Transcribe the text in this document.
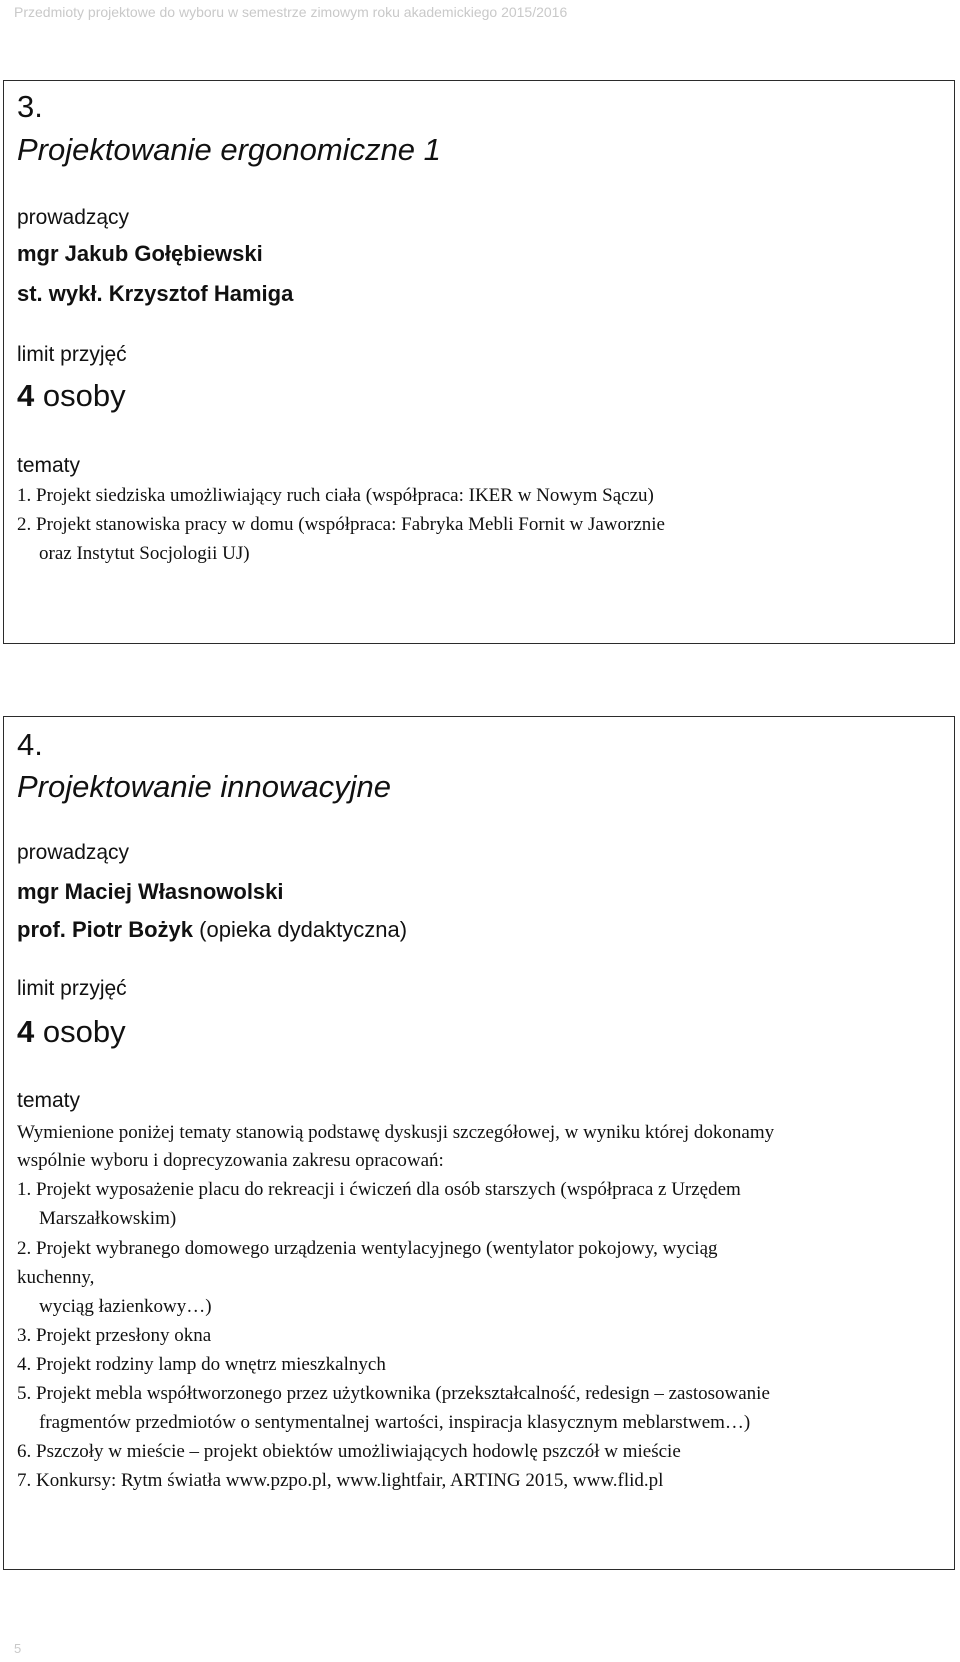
Przedmioty projektowe do wyboru w semestrze zimowym roku akademickiego 2015/2016
3.
Projektowanie ergonomiczne 1
prowadzący
mgr Jakub Gołębiewski
st. wykł. Krzysztof Hamiga
limit przyjęć
4 osoby
tematy
1. Projekt siedziska umożliwiający ruch ciała (współpraca: IKER w Nowym Sączu)
2. Projekt stanowiska pracy w domu (współpraca: Fabryka Mebli Fornit w Jaworznie
oraz Instytut Socjologii UJ)
4.
Projektowanie innowacyjne
prowadzący
mgr Maciej Własnowolski
prof. Piotr Bożyk (opieka dydaktyczna)
limit przyjęć
4 osoby
tematy
Wymienione poniżej tematy stanowią podstawę dyskusji szczegółowej, w wyniku której dokonamy
wspólnie wyboru i doprecyzowania zakresu opracowań:
1. Projekt wyposażenie placu do rekreacji i ćwiczeń dla osób starszych (współpraca z Urzędem
Marszałkowskim)
2. Projekt wybranego domowego urządzenia wentylacyjnego (wentylator pokojowy, wyciąg
kuchenny,
wyciąg łazienkowy…)
3. Projekt przesłony okna
4. Projekt rodziny lamp do wnętrz mieszkalnych
5. Projekt mebla współtworzonego przez użytkownika (przekształcalność, redesign – zastosowanie
fragmentów przedmiotów o sentymentalnej wartości, inspiracja klasycznym meblarstwem…)
6. Pszczoły w mieście – projekt obiektów umożliwiających hodowlę pszczół w mieście
7. Konkursy: Rytm światła www.pzpo.pl, www.lightfair, ARTING 2015, www.flid.pl
5
